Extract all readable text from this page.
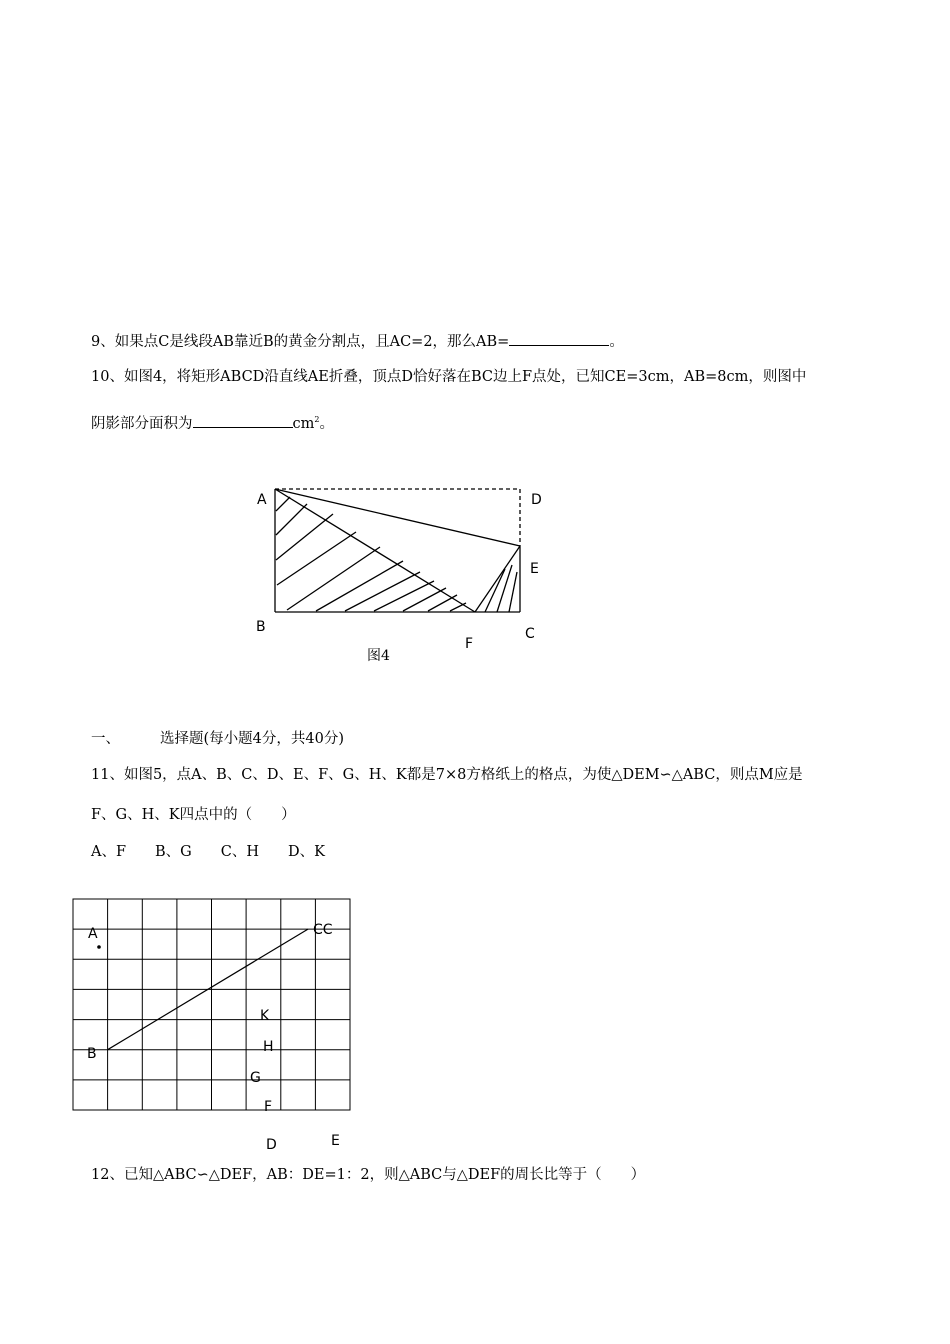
9、如果点C是线段AB靠近B的黄金分割点，且AC=2，那么AB=	。
10、如图4，将矩形ABCD沿直线AE折叠，顶点D恰好落在BC边上F点处，已知CE=3cm，AB=8cm，则图中
阴影部分面积为	$cm^2$。
A	D
E
B	C
F
图4
一、	选择题(每小题4分，共40分)
11、如图5，点A、B、C、D、E、F、G、H、K都是7×8方格纸上的格点，为使△DEM∽△ABC，则点M应是
F、G、H、K四点中的（　　）
A、F　　B、G　　C、H　　D、K
A	CC
B
K
H
G
F
D	E
12、已知△ABC∽△DEF，AB：DE=1：2，则△ABC与△DEF的周长比等于（　　）
